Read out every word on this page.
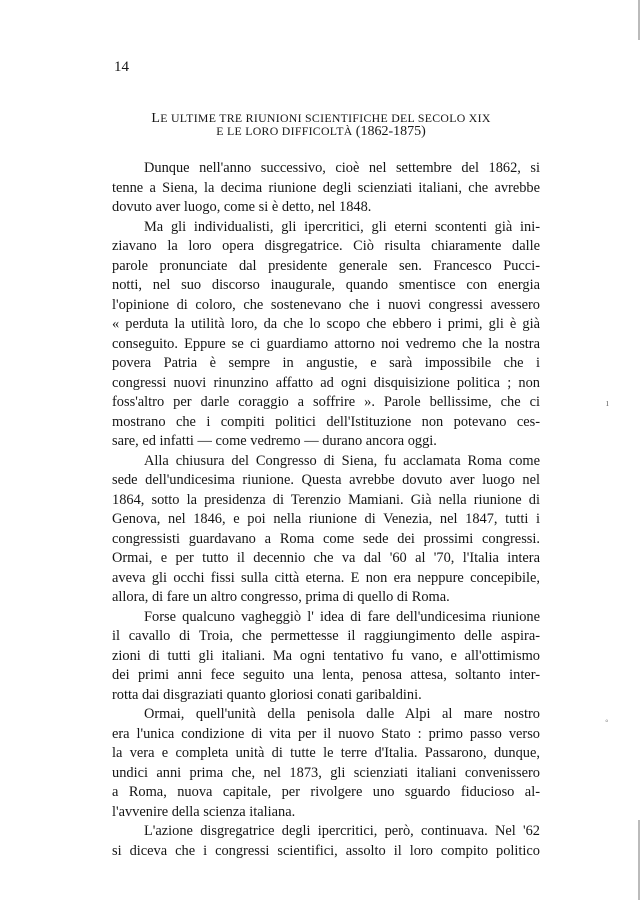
14
LE ULTIME TRE RIUNIONI SCIENTIFICHE DEL SECOLO XIX
E LE LORO DIFFICOLTÀ (1862-1875)
Dunque nell'anno successivo, cioè nel settembre del 1862, si
tenne a Siena, la decima riunione degli scienziati italiani, che avrebbe
dovuto aver luogo, come si è detto, nel 1848.
Ma gli individualisti, gli ipercritici, gli eterni scontenti già ini-
ziavano la loro opera disgregatrice. Ciò risulta chiaramente dalle
parole pronunciate dal presidente generale sen. Francesco Pucci-
notti, nel suo discorso inaugurale, quando smentisce con energia
l'opinione di coloro, che sostenevano che i nuovi congressi avessero
« perduta la utilità loro, da che lo scopo che ebbero i primi, gli è già
conseguito. Eppure se ci guardiamo attorno noi vedremo che la nostra
povera Patria è sempre in angustie, e sarà impossibile che i
congressi nuovi rinunzino affatto ad ogni disquisizione politica ; non
foss'altro per darle coraggio a soffrire ». Parole bellissime, che ci
mostrano che i compiti politici dell'Istituzione non potevano ces-
sare, ed infatti — come vedremo — durano ancora oggi.
Alla chiusura del Congresso di Siena, fu acclamata Roma come
sede dell'undicesima riunione. Questa avrebbe dovuto aver luogo nel
1864, sotto la presidenza di Terenzio Mamiani. Già nella riunione di
Genova, nel 1846, e poi nella riunione di Venezia, nel 1847, tutti i
congressisti guardavano a Roma come sede dei prossimi congressi.
Ormai, e per tutto il decennio che va dal '60 al '70, l'Italia intera
aveva gli occhi fissi sulla città eterna. E non era neppure concepibile,
allora, di fare un altro congresso, prima di quello di Roma.
Forse qualcuno vagheggiò l' idea di fare dell'undicesima riunione
il cavallo di Troia, che permettesse il raggiungimento delle aspira-
zioni di tutti gli italiani. Ma ogni tentativo fu vano, e all'ottimismo
dei primi anni fece seguito una lenta, penosa attesa, soltanto inter-
rotta dai disgraziati quanto gloriosi conati garibaldini.
Ormai, quell'unità della penisola dalle Alpi al mare nostro
era l'unica condizione di vita per il nuovo Stato : primo passo verso
la vera e completa unità di tutte le terre d'Italia. Passarono, dunque,
undici anni prima che, nel 1873, gli scienziati italiani convenissero
a Roma, nuova capitale, per rivolgere uno sguardo fiducioso al-
l'avvenire della scienza italiana.
L'azione disgregatrice degli ipercritici, però, continuava. Nel '62
si diceva che i congressi scientifici, assolto il loro compito politico
ı
◦
